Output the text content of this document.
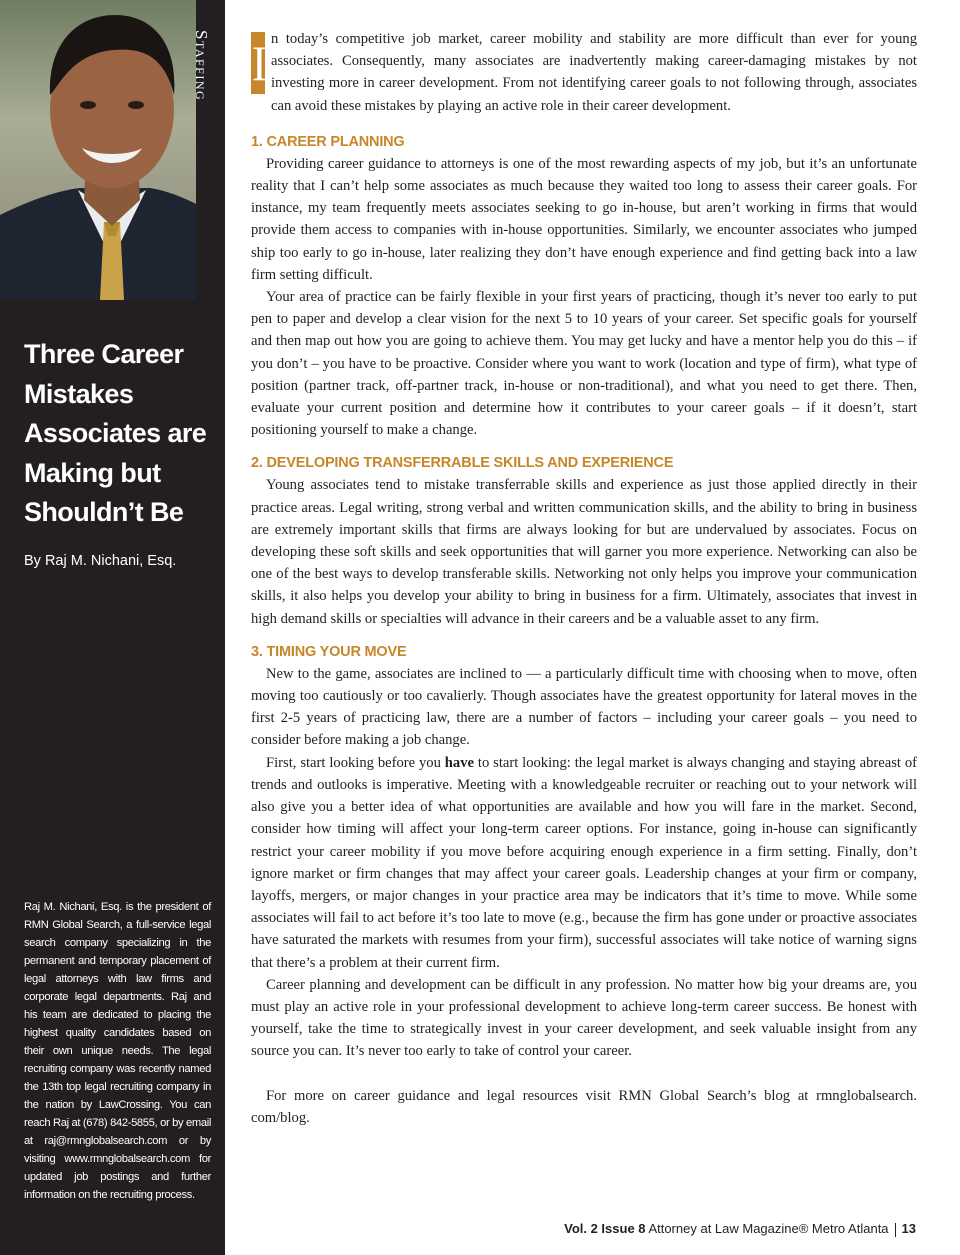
Staffing
Three Career Mistakes Associates are Making but Shouldn’t Be
By Raj M. Nichani, Esq.
Raj M. Nichani, Esq. is the president of RMN Global Search, a full-service legal search company specializing in the permanent and temporary placement of legal attorneys with law firms and corporate legal departments. Raj and his team are dedicated to placing the highest quality candidates based on their own unique needs. The legal recruiting company was recently named the 13th top legal recruiting company in the nation by LawCrossing. You can reach Raj at (678) 842-5855, or by email at raj@rmnglobalsearch.com or by visiting www.rmnglobalsearch.com for updated job postings and further information on the recruiting process.
I n today’s competitive job market, career mobility and stability are more difficult than ever for young associates. Consequently, many associates are inadvertently making career-damaging mistakes by not investing more in career development. From not identifying career goals to not following through, associates can avoid these mistakes by playing an active role in their career development.

1. CAREER PLANNING

Providing career guidance to attorneys is one of the most rewarding aspects of my job, but it’s an unfortunate reality that I can’t help some associates as much because they waited too long to assess their career goals. For instance, my team frequently meets associates seeking to go in-house, but aren’t working in firms that would provide them access to companies with in-house opportunities. Similarly, we encounter associates who jumped ship too early to go in-house, later realizing they don’t have enough experience and find getting back into a law firm setting difficult.

Your area of practice can be fairly flexible in your first years of practicing, though it’s never too early to put pen to paper and develop a clear vision for the next 5 to 10 years of your career. Set specific goals for yourself and then map out how you are going to achieve them. You may get lucky and have a mentor help you do this – if you don’t – you have to be proactive. Consider where you want to work (location and type of firm), what type of position (partner track, off-partner track, in-house or non-traditional), and what you need to get there. Then, evaluate your current position and determine how it contributes to your career goals – if it doesn’t, start positioning yourself to make a change.

2. DEVELOPING TRANSFERRABLE SKILLS AND EXPERIENCE

Young associates tend to mistake transferrable skills and experience as just those applied directly in their practice areas. Legal writing, strong verbal and written communication skills, and the ability to bring in business are extremely important skills that firms are always looking for but are undervalued by associates. Focus on developing these soft skills and seek opportunities that will garner you more experience. Networking can also be one of the best ways to develop transferable skills. Networking not only helps you improve your communication skills, it also helps you develop your ability to bring in business for a firm. Ultimately, associates that invest in high demand skills or specialties will advance in their careers and be a valuable asset to any firm.

3. TIMING YOUR MOVE

New to the game, associates are inclined to — a particularly difficult time with choosing when to move, often moving too cautiously or too cavalierly. Though associates have the greatest opportunity for lateral moves in the first 2-5 years of practicing law, there are a number of factors – including your career goals – you need to consider before making a job change.

First, start looking before you have to start looking: the legal market is always changing and staying abreast of trends and outlooks is imperative. Meeting with a knowledgeable recruiter or reaching out to your network will also give you a better idea of what opportunities are available and how you will fare in the market. Second, consider how timing will affect your long-term career options. For instance, going in-house can significantly restrict your career mobility if you move before acquiring enough experience in a firm setting. Finally, don’t ignore market or firm changes that may affect your career goals. Leadership changes at your firm or company, layoffs, mergers, or major changes in your practice area may be indicators that it’s time to move. While some associates will fail to act before it’s too late to move (e.g., because the firm has gone under or proactive associates have saturated the markets with resumes from your firm), successful associates will take notice of warning signs that there’s a problem at their current firm.

Career planning and development can be difficult in any profession. No matter how big your dreams are, you must play an active role in your professional development to achieve long-term career success. Be honest with yourself, take the time to strategically invest in your career development, and seek valuable insight from any source you can. It’s never too early to take of control your career.

For more on career guidance and legal resources visit RMN Global Search’s blog at rmnglobalsearch. com/blog.

Vol. 2 Issue 8 Attorney at Law Magazine® Metro Atlanta 13
